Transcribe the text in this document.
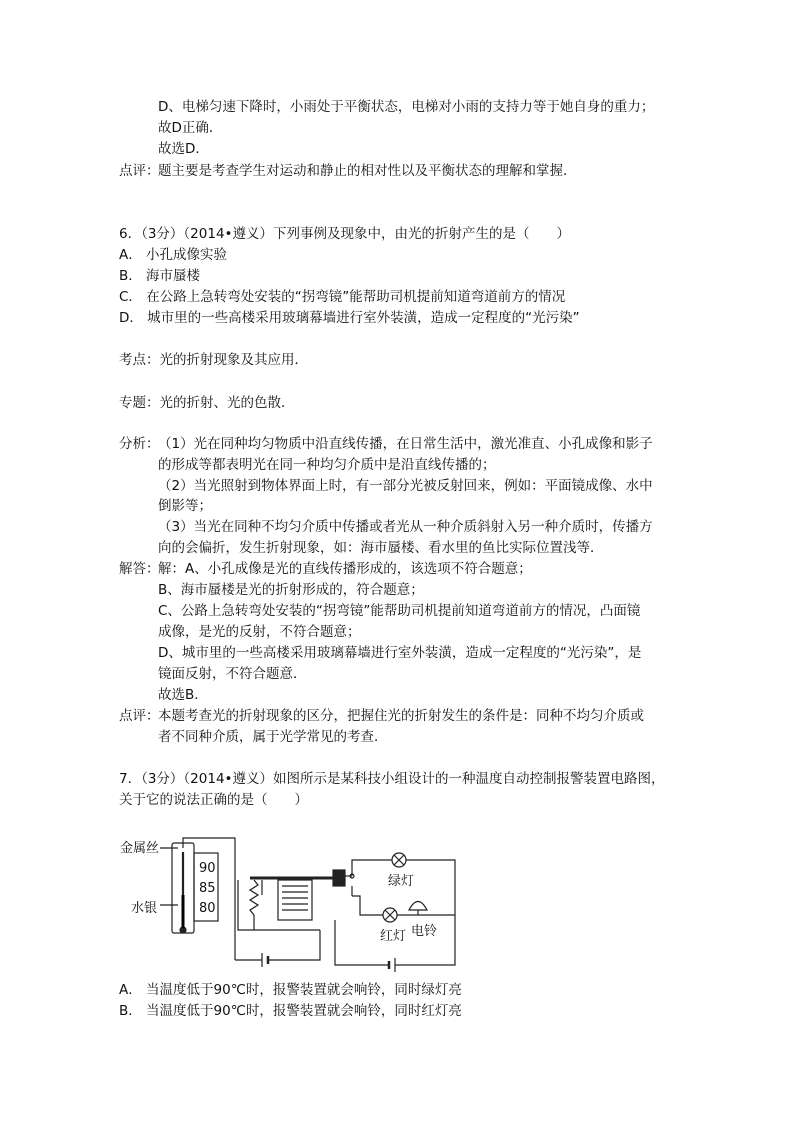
D、电梯匀速下降时，小雨处于平衡状态，电梯对小雨的支持力等于她自身的重力；
故D正确．
故选D．
点评：
题主要是考查学生对运动和静止的相对性以及平衡状态的理解和掌握．
6．（3分）（2014•遵义）下列事例及现象中，由光的折射产生的是（　　）
A． 小孔成像实验
B． 海市蜃楼
C． 在公路上急转弯处安装的“拐弯镜”能帮助司机提前知道弯道前方的情况
D． 城市里的一些高楼采用玻璃幕墙进行室外装潢，造成一定程度的“光污染”
考点：光的折射现象及其应用．
专题：光的折射、光的色散．
分析：
（1）光在同种均匀物质中沿直线传播，在日常生活中，激光准直、小孔成像和影子
的形成等都表明光在同一种均匀介质中是沿直线传播的；
（2）当光照射到物体界面上时，有一部分光被反射回来，例如：平面镜成像、水中
倒影等；
（3）当光在同种不均匀介质中传播或者光从一种介质斜射入另一种介质时，传播方
向的会偏折，发生折射现象，如：海市蜃楼、看水里的鱼比实际位置浅等．
解答：
解：A、小孔成像是光的直线传播形成的，该选项不符合题意；
B、海市蜃楼是光的折射形成的，符合题意；
C、公路上急转弯处安装的“拐弯镜”能帮助司机提前知道弯道前方的情况，凸面镜
成像，是光的反射，不符合题意；
D、城市里的一些高楼采用玻璃幕墙进行室外装潢，造成一定程度的“光污染”，是
镜面反射，不符合题意．
故选B．
点评：
本题考查光的折射现象的区分，把握住光的折射发生的条件是：同种不均匀介质或
者不同种介质，属于光学常见的考查．
7．（3分）（2014•遵义）如图所示是某科技小组设计的一种温度自动控制报警装置电路图，
关于它的说法正确的是（　　）
金属丝
水银
90
85
80
绿灯
红灯 电铃
A． 当温度低于90℃时，报警装置就会响铃，同时绿灯亮
B． 当温度低于90℃时，报警装置就会响铃，同时红灯亮
